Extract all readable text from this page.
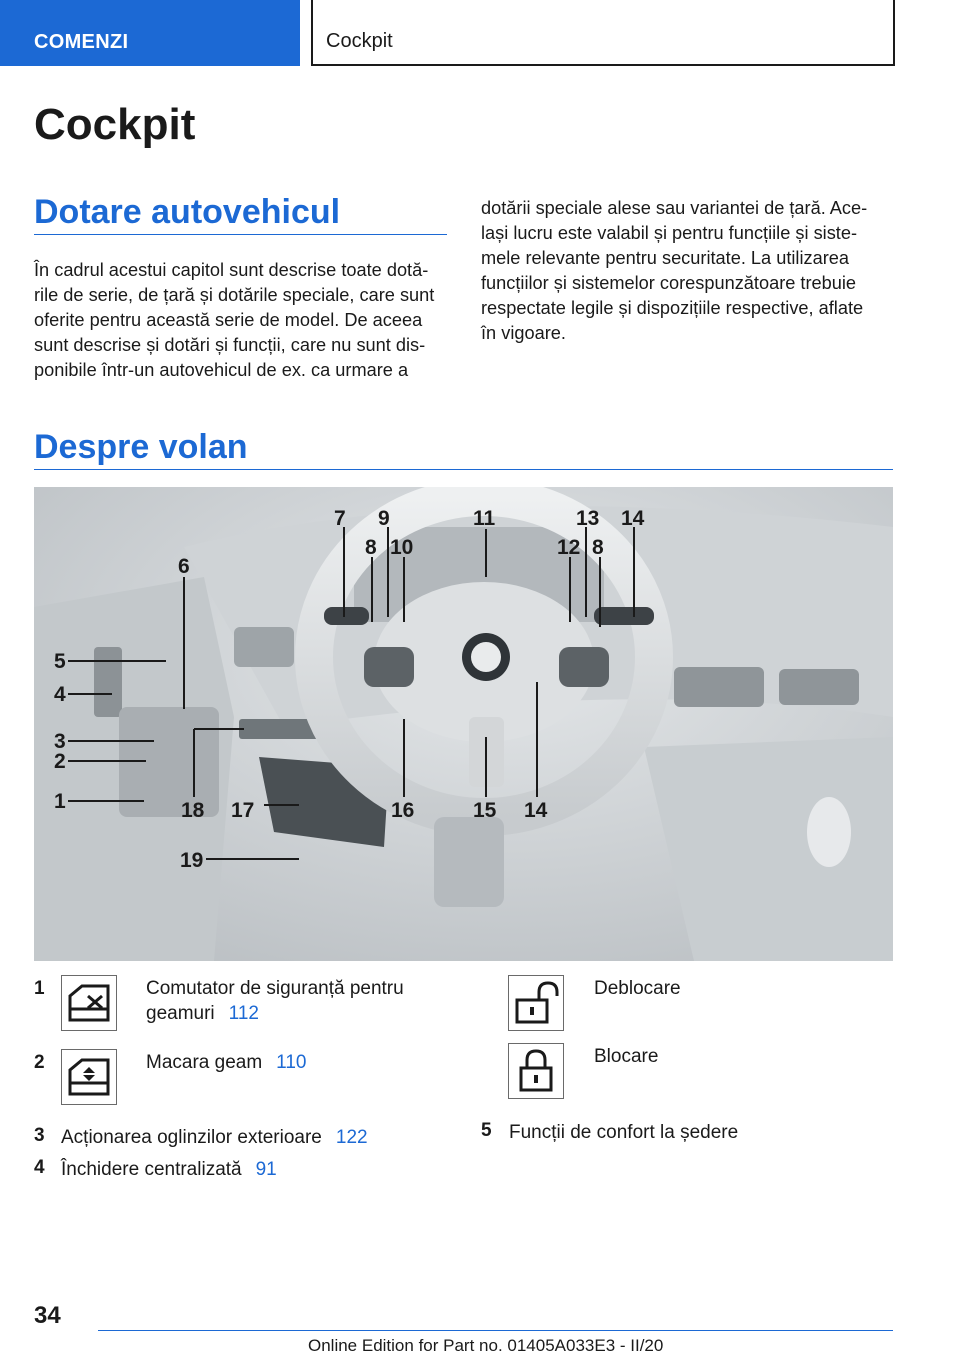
COMENZI	Cockpit
Cockpit
Dotare autovehicul
În cadrul acestui capitol sunt descrise toate dotă-
rile de serie, de țară și dotările speciale, care sunt
oferite pentru această serie de model. De aceea
sunt descrise și dotări și funcții, care nu sunt dis-
ponibile într-un autovehicul de ex. ca urmare a
dotării speciale alese sau variantei de țară. Ace-
lași lucru este valabil și pentru funcțiile și siste-
mele relevante pentru securitate. La utilizarea
funcțiilor și sistemelor corespunzătoare trebuie
respectate legile și dispozițiile respective, aflate
în vigoare.
Despre volan
7
8
9
10
11
12
13
8
14
6
5
4
3
2
1	18 17	16	15 14
19
1	Comutator de siguranță pentru
geamuri 112
2	Macara geam 110
3 Acționarea oglinzilor exterioare 122
4 Închidere centralizată 91
Deblocare
Blocare
5 Funcții de confort la ședere
34
Online Edition for Part no. 01405A033E3 - II/20
